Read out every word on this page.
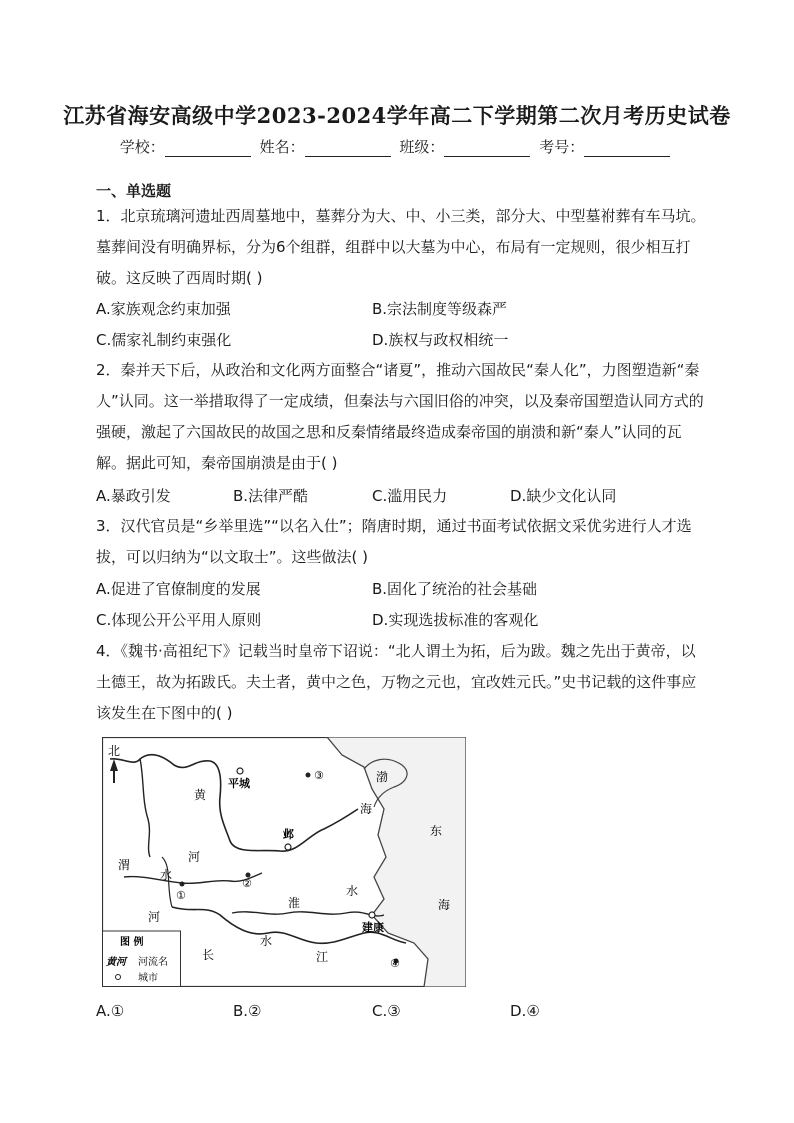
江苏省海安高级中学2023-2024学年高二下学期第二次月考历史试卷
学校：	姓名：	班级：	考号：
一、单选题
1．北京琉璃河遗址西周墓地中，墓葬分为大、中、小三类，部分大、中型墓祔葬有车马坑。墓葬间没有明确界标，分为6个组群，组群中以大墓为中心，布局有一定规则，很少相互打破。这反映了西周时期( )
A.家族观念约束加强	B.宗法制度等级森严
C.儒家礼制约束强化	D.族权与政权相统一
2．秦并天下后，从政治和文化两方面整合“诸夏”，推动六国故民“秦人化”，力图塑造新“秦人”认同。这一举措取得了一定成绩，但秦法与六国旧俗的冲突，以及秦帝国塑造认同方式的强硬，激起了六国故民的故国之思和反秦情绪最终造成秦帝国的崩溃和新“秦人”认同的瓦解。据此可知，秦帝国崩溃是由于( )
A.暴政引发	B.法律严酷	C.滥用民力	D.缺少文化认同
3．汉代官员是“乡举里选”“以名入仕”；隋唐时期，通过书面考试依据文采优劣进行人才选拔，可以归纳为“以文取士”。这些做法( )
A.促进了官僚制度的发展	B.固化了统治的社会基础
C.体现公开公平用人原则	D.实现选拔标准的客观化
4．《魏书·高祖纪下》记载当时皇帝下诏说：“北人谓土为拓，后为跋。魏之先出于黄帝，以土德王，故为拓跋氏。夫土者，黄中之色，万物之元也，宜改姓元氏。”史书记载的这件事应该发生在下图中的( )
北
平城
邺
建康
①
②
③
④
黄
河
渭
水
河
淮
水
长	江
水
渤
海
东
海
图 例
黄河 河流名
城市
A.①	B.②	C.③	D.④
